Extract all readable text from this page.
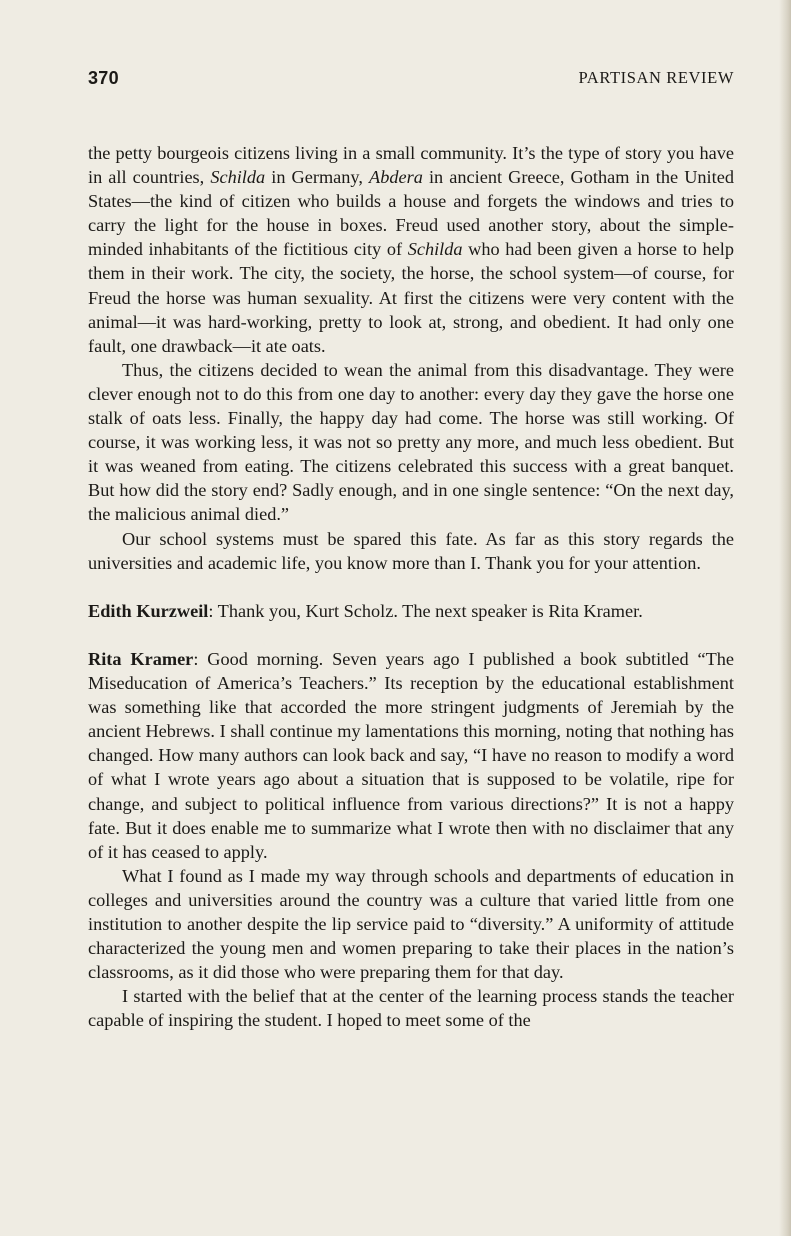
370	PARTISAN REVIEW

the petty bourgeois citizens living in a small community. It’s the type of story you have in all countries, Schilda in Germany, Abdera in ancient Greece, Gotham in the United States—the kind of citizen who builds a house and forgets the windows and tries to carry the light for the house in boxes. Freud used another story, about the simple-minded inhabitants of the fictitious city of Schilda who had been given a horse to help them in their work. The city, the society, the horse, the school system—of course, for Freud the horse was human sexuality. At first the citizens were very content with the animal—it was hard-working, pretty to look at, strong, and obedient. It had only one fault, one drawback—it ate oats.

Thus, the citizens decided to wean the animal from this disadvantage. They were clever enough not to do this from one day to another: every day they gave the horse one stalk of oats less. Finally, the happy day had come. The horse was still working. Of course, it was working less, it was not so pretty any more, and much less obedient. But it was weaned from eating. The citizens celebrated this success with a great banquet. But how did the story end? Sadly enough, and in one single sentence: “On the next day, the malicious animal died.”

Our school systems must be spared this fate. As far as this story regards the universities and academic life, you know more than I. Thank you for your attention.

Edith Kurzweil: Thank you, Kurt Scholz. The next speaker is Rita Kramer.

Rita Kramer: Good morning. Seven years ago I published a book subtitled “The Miseducation of America’s Teachers.” Its reception by the educational establishment was something like that accorded the more stringent judgments of Jeremiah by the ancient Hebrews. I shall continue my lamentations this morning, noting that nothing has changed. How many authors can look back and say, “I have no reason to modify a word of what I wrote years ago about a situation that is supposed to be volatile, ripe for change, and subject to political influence from various directions?” It is not a happy fate. But it does enable me to summarize what I wrote then with no disclaimer that any of it has ceased to apply.

What I found as I made my way through schools and departments of education in colleges and universities around the country was a culture that varied little from one institution to another despite the lip service paid to “diversity.” A uniformity of attitude characterized the young men and women preparing to take their places in the nation’s classrooms, as it did those who were preparing them for that day.

I started with the belief that at the center of the learning process stands the teacher capable of inspiring the student. I hoped to meet some of the
